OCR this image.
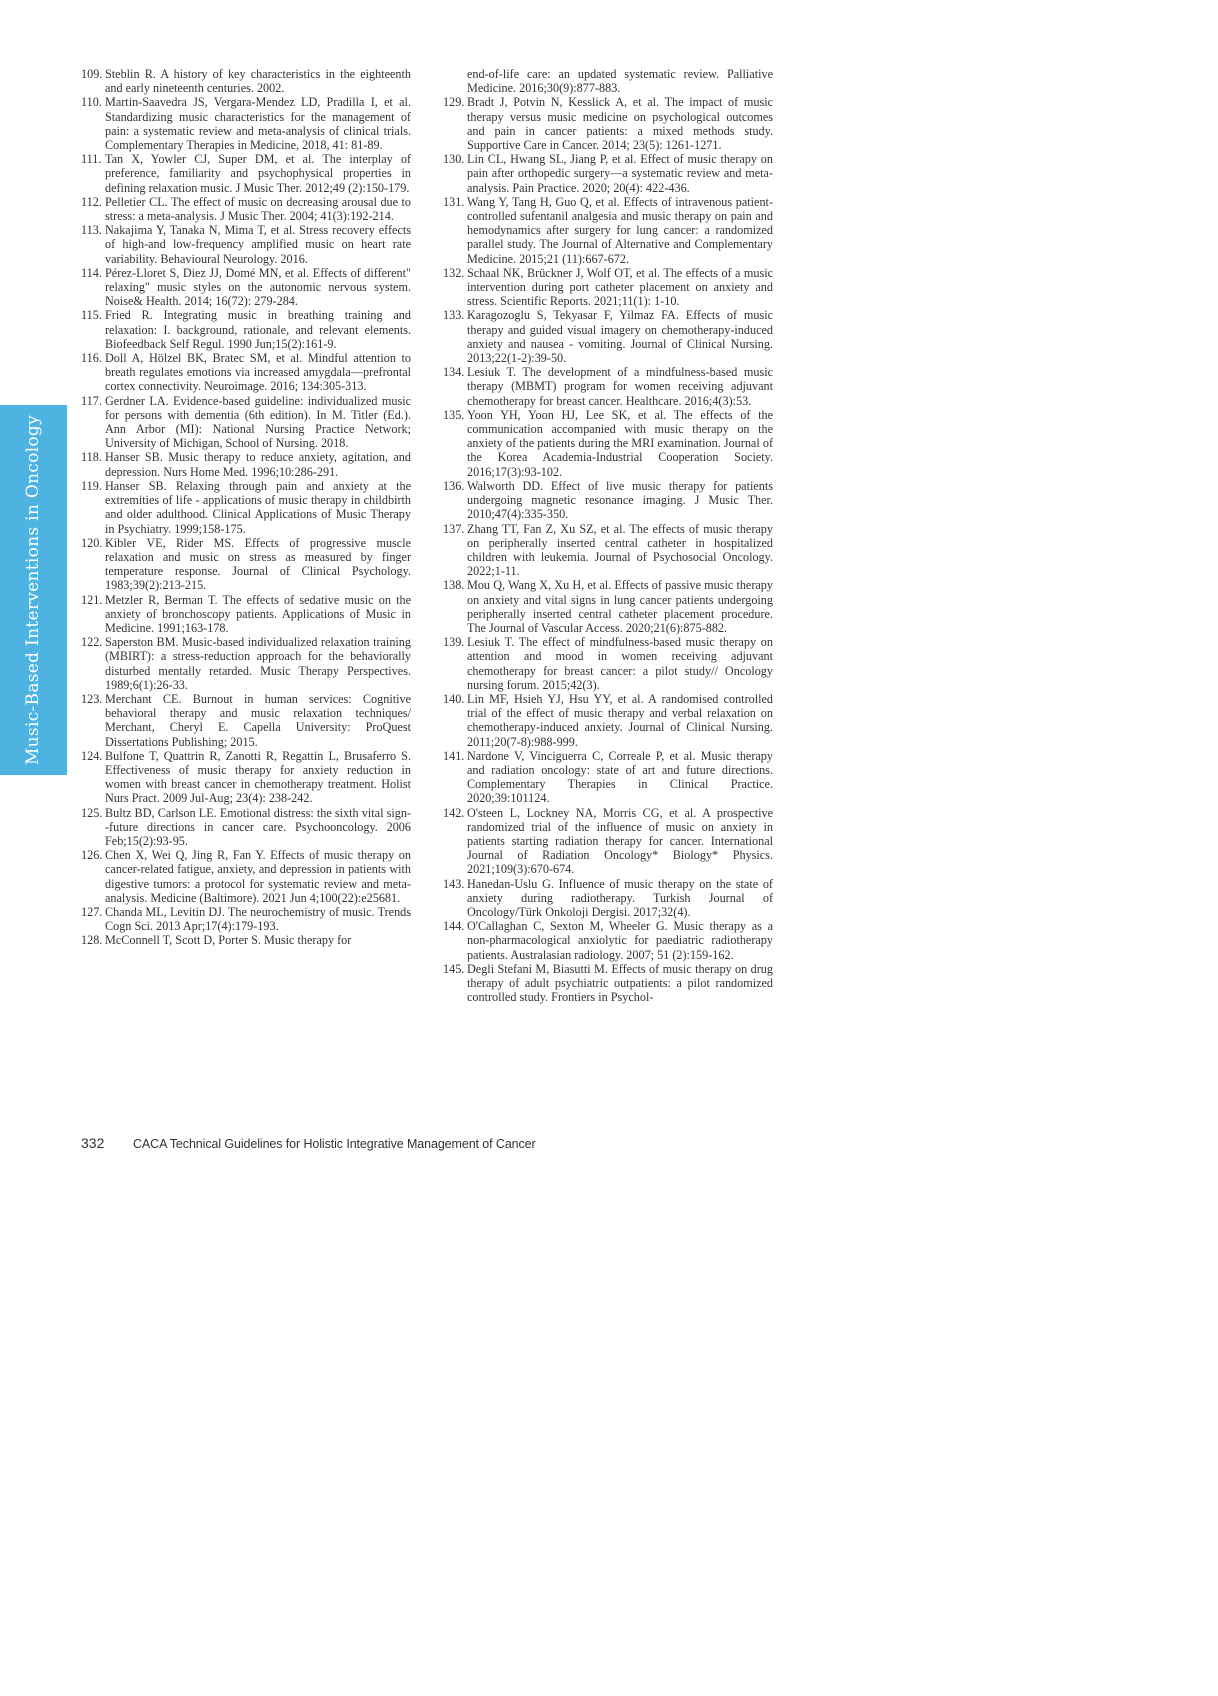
Music-Based Interventions in Oncology

109. Steblin R. A history of key characteristics in the eighteenth and early nineteenth centuries. 2002.

110. Martin-Saavedra JS, Vergara-Mendez LD, Pradilla I, et al. Standardizing music characteristics for the management of pain: a systematic review and meta-analysis of clinical trials. Complementary Therapies in Medicine, 2018, 41: 81-89.

111. Tan X, Yowler CJ, Super DM, et al. The interplay of preference, familiarity and psychophysical properties in defining relaxation music. J Music Ther. 2012;49 (2):150-179.

112. Pelletier CL. The effect of music on decreasing arousal due to stress: a meta-analysis. J Music Ther. 2004; 41(3):192-214.

113. Nakajima Y, Tanaka N, Mima T, et al. Stress recovery effects of high-and low-frequency amplified music on heart rate variability. Behavioural Neurology. 2016.

114. Pérez-Lloret S, Diez JJ, Domé MN, et al. Effects of different" relaxing" music styles on the autonomic nervous system. Noise& Health. 2014; 16(72): 279-284.

115. Fried R. Integrating music in breathing training and relaxation: I. background, rationale, and relevant elements. Biofeedback Self Regul. 1990 Jun;15(2):161-9.

116. Doll A, Hölzel BK, Bratec SM, et al. Mindful attention to breath regulates emotions via increased amygdala—prefrontal cortex connectivity. Neuroimage. 2016; 134:305-313.

117. Gerdner LA. Evidence-based guideline: individualized music for persons with dementia (6th edition). In M. Titler (Ed.). Ann Arbor (MI): National Nursing Practice Network; University of Michigan, School of Nursing. 2018.

118. Hanser SB. Music therapy to reduce anxiety, agitation, and depression. Nurs Home Med. 1996;10:286-291.

119. Hanser SB. Relaxing through pain and anxiety at the extremities of life - applications of music therapy in childbirth and older adulthood. Clinical Applications of Music Therapy in Psychiatry. 1999;158-175.

120. Kibler VE, Rider MS. Effects of progressive muscle relaxation and music on stress as measured by finger temperature response. Journal of Clinical Psychology. 1983;39(2):213-215.

121. Metzler R, Berman T. The effects of sedative music on the anxiety of bronchoscopy patients. Applications of Music in Medicine. 1991;163-178.

122. Saperston BM. Music-based individualized relaxation training (MBIRT): a stress-reduction approach for the behaviorally disturbed mentally retarded. Music Therapy Perspectives. 1989;6(1):26-33.

123. Merchant CE. Burnout in human services: Cognitive behavioral therapy and music relaxation techniques/ Merchant, Cheryl E. Capella University: ProQuest Dissertations Publishing; 2015.

124. Bulfone T, Quattrin R, Zanotti R, Regattin L, Brusaferro S. Effectiveness of music therapy for anxiety reduction in women with breast cancer in chemotherapy treatment. Holist Nurs Pract. 2009 Jul-Aug; 23(4): 238-242.

125. Bultz BD, Carlson LE. Emotional distress: the sixth vital sign--future directions in cancer care. Psychooncology. 2006 Feb;15(2):93-95.

126. Chen X, Wei Q, Jing R, Fan Y. Effects of music therapy on cancer-related fatigue, anxiety, and depression in patients with digestive tumors: a protocol for systematic review and meta-analysis. Medicine (Baltimore). 2021 Jun 4;100(22):e25681.

127. Chanda ML, Levitin DJ. The neurochemistry of music. Trends Cogn Sci. 2013 Apr;17(4):179-193.

128. McConnell T, Scott D, Porter S. Music therapy for

end-of-life care: an updated systematic review. Palliative Medicine. 2016;30(9):877-883.

129. Bradt J, Potvin N, Kesslick A, et al. The impact of music therapy versus music medicine on psychological outcomes and pain in cancer patients: a mixed methods study. Supportive Care in Cancer. 2014; 23(5): 1261-1271.

130. Lin CL, Hwang SL, Jiang P, et al. Effect of music therapy on pain after orthopedic surgery—a systematic review and meta-analysis. Pain Practice. 2020; 20(4): 422-436.

131. Wang Y, Tang H, Guo Q, et al. Effects of intravenous patient-controlled sufentanil analgesia and music therapy on pain and hemodynamics after surgery for lung cancer: a randomized parallel study. The Journal of Alternative and Complementary Medicine. 2015;21 (11):667-672.

132. Schaal NK, Brückner J, Wolf OT, et al. The effects of a music intervention during port catheter placement on anxiety and stress. Scientific Reports. 2021;11(1): 1-10.

133. Karagozoglu S, Tekyasar F, Yilmaz FA. Effects of music therapy and guided visual imagery on chemotherapy-induced anxiety and nausea - vomiting. Journal of Clinical Nursing. 2013;22(1-2):39-50.

134. Lesiuk T. The development of a mindfulness-based music therapy (MBMT) program for women receiving adjuvant chemotherapy for breast cancer. Healthcare. 2016;4(3):53.

135. Yoon YH, Yoon HJ, Lee SK, et al. The effects of the communication accompanied with music therapy on the anxiety of the patients during the MRI examination. Journal of the Korea Academia-Industrial Cooperation Society. 2016;17(3):93-102.

136. Walworth DD. Effect of live music therapy for patients undergoing magnetic resonance imaging. J Music Ther. 2010;47(4):335-350.

137. Zhang TT, Fan Z, Xu SZ, et al. The effects of music therapy on peripherally inserted central catheter in hospitalized children with leukemia. Journal of Psychosocial Oncology. 2022;1-11.

138. Mou Q, Wang X, Xu H, et al. Effects of passive music therapy on anxiety and vital signs in lung cancer patients undergoing peripherally inserted central catheter placement procedure. The Journal of Vascular Access. 2020;21(6):875-882.

139. Lesiuk T. The effect of mindfulness-based music therapy on attention and mood in women receiving adjuvant chemotherapy for breast cancer: a pilot study// Oncology nursing forum. 2015;42(3).

140. Lin MF, Hsieh YJ, Hsu YY, et al. A randomised controlled trial of the effect of music therapy and verbal relaxation on chemotherapy-induced anxiety. Journal of Clinical Nursing. 2011;20(7-8):988-999.

141. Nardone V, Vinciguerra C, Correale P, et al. Music therapy and radiation oncology: state of art and future directions. Complementary Therapies in Clinical Practice. 2020;39:101124.

142. O'steen L, Lockney NA, Morris CG, et al. A prospective randomized trial of the influence of music on anxiety in patients starting radiation therapy for cancer. International Journal of Radiation Oncology* Biology* Physics. 2021;109(3):670-674.

143. Hanedan-Uslu G. Influence of music therapy on the state of anxiety during radiotherapy. Turkish Journal of Oncology/Türk Onkoloji Dergisi. 2017;32(4).

144. O'Callaghan C, Sexton M, Wheeler G. Music therapy as a non-pharmacological anxiolytic for paediatric radiotherapy patients. Australasian radiology. 2007; 51 (2):159-162.

145. Degli Stefani M, Biasutti M. Effects of music therapy on drug therapy of adult psychiatric outpatients: a pilot randomized controlled study. Frontiers in Psychol-

332	CACA Technical Guidelines for Holistic Integrative Management of Cancer
